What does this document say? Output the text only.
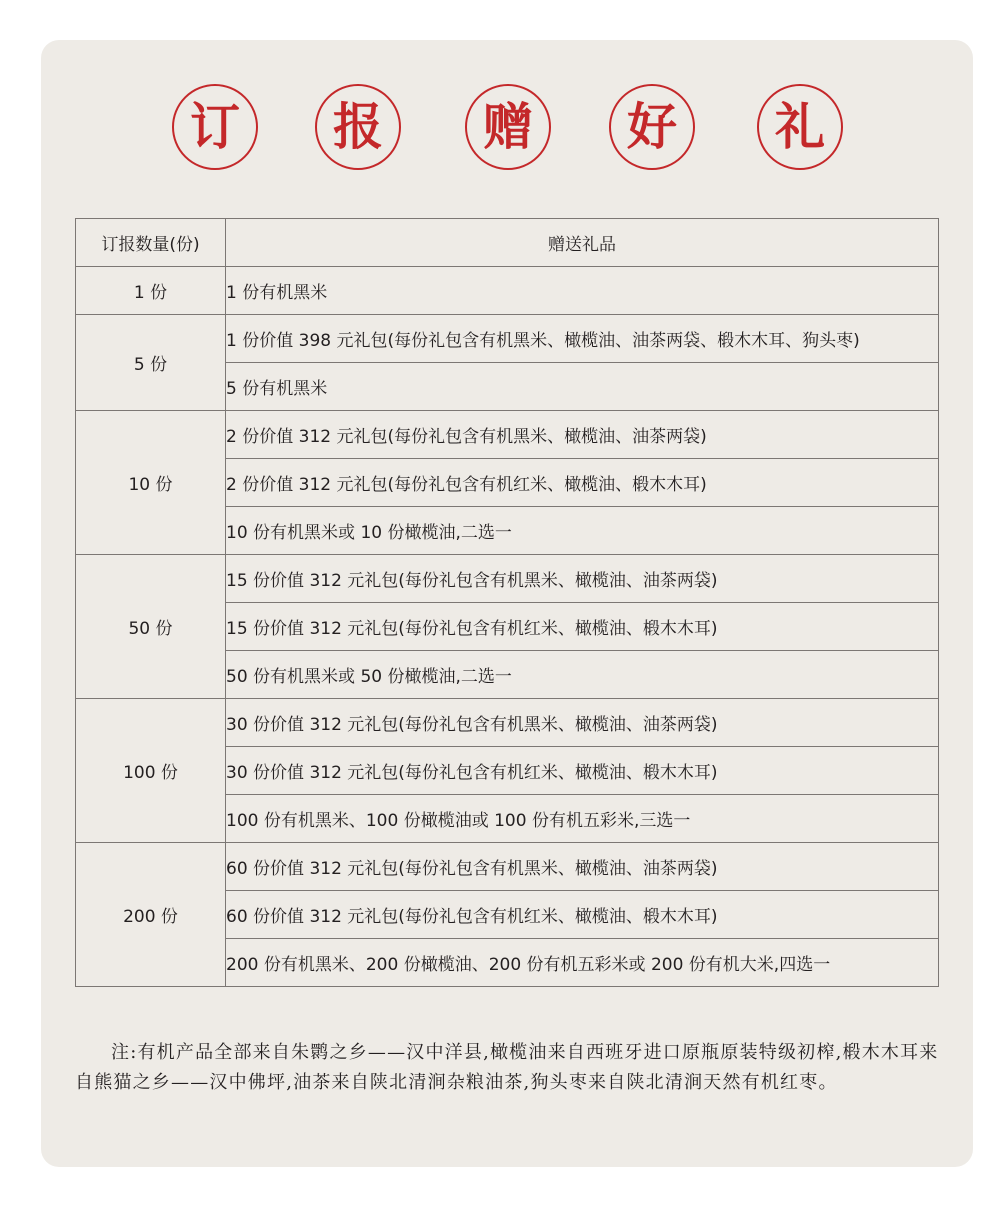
订	报	赠	好	礼
订报数量(份)	赠送礼品
1 份	1 份有机黑米
5 份	1 份价值 398 元礼包(每份礼包含有机黑米、橄榄油、油茶两袋、椴木木耳、狗头枣)
	5 份有机黑米
10 份	2 份价值 312 元礼包(每份礼包含有机黑米、橄榄油、油茶两袋)
	2 份价值 312 元礼包(每份礼包含有机红米、橄榄油、椴木木耳)
	10 份有机黑米或 10 份橄榄油,二选一
50 份	15 份价值 312 元礼包(每份礼包含有机黑米、橄榄油、油茶两袋)
	15 份价值 312 元礼包(每份礼包含有机红米、橄榄油、椴木木耳)
	50 份有机黑米或 50 份橄榄油,二选一
100 份	30 份价值 312 元礼包(每份礼包含有机黑米、橄榄油、油茶两袋)
	30 份价值 312 元礼包(每份礼包含有机红米、橄榄油、椴木木耳)
	100 份有机黑米、100 份橄榄油或 100 份有机五彩米,三选一
200 份	60 份价值 312 元礼包(每份礼包含有机黑米、橄榄油、油茶两袋)
	60 份价值 312 元礼包(每份礼包含有机红米、橄榄油、椴木木耳)
	200 份有机黑米、200 份橄榄油、200 份有机五彩米或 200 份有机大米,四选一

注:有机产品全部来自朱鹮之乡——汉中洋县,橄榄油来自西班牙进口原瓶原装特级初榨,椴木木耳来自熊猫之乡——汉中佛坪,油茶来自陕北清涧杂粮油茶,狗头枣来自陕北清涧天然有机红枣。
